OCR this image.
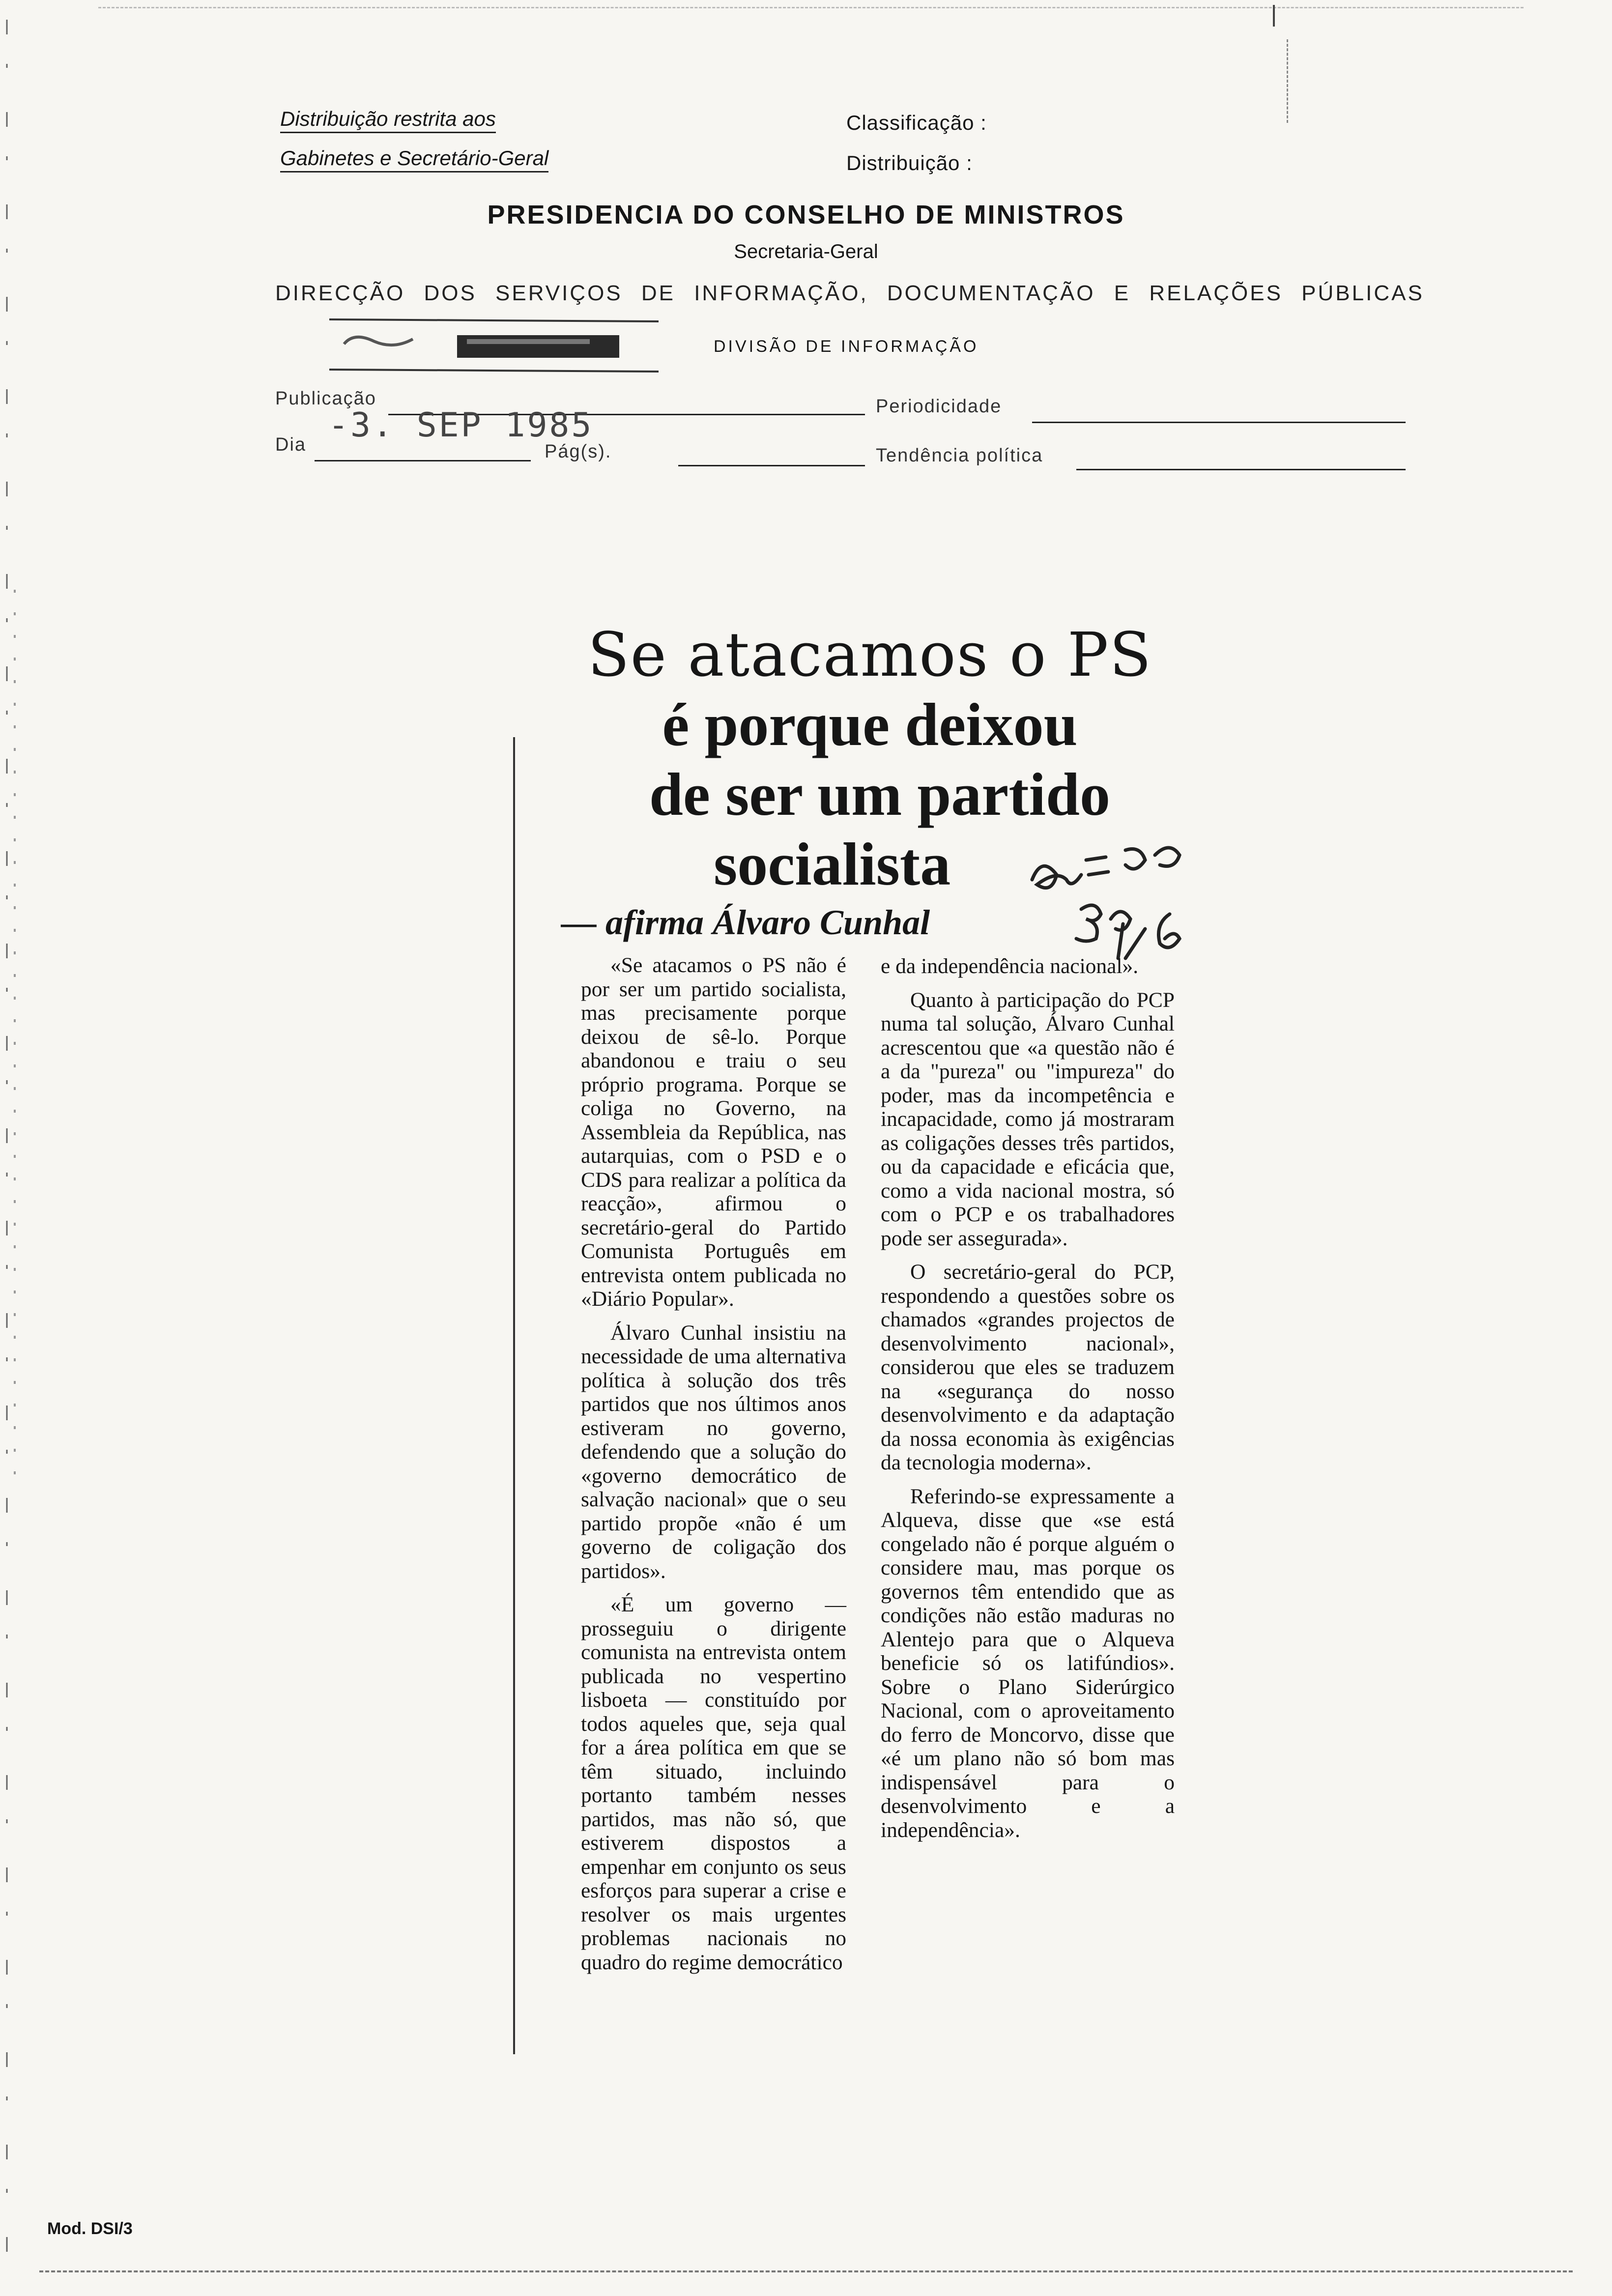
Distribuição restrita aos
Gabinetes e Secretário-Geral
Classificação :
Distribuição :
PRESIDENCIA DO CONSELHO DE MINISTROS
Secretaria-Geral
DIRECÇÃO DOS SERVIÇOS DE INFORMAÇÃO, DOCUMENTAÇÃO E RELAÇÕES PÚBLICAS
DIVISÃO DE INFORMAÇÃO
Publicação	Periodicidade
Dia -3. SEP 1985
Pág(s).	Tendência política
Se atacamos o PS
é porque deixou
de ser um partido
socialista
— afirma Álvaro Cunhal

«Se atacamos o PS não é por ser um partido socialista, mas precisamente porque deixou de sê-lo. Porque abandonou e traiu o seu próprio programa. Porque se coliga no Governo, na Assembleia da República, nas autarquias, com o PSD e o CDS para realizar a política da reacção», afirmou o secretário-geral do Partido Comunista Português em entrevista ontem publicada no «Diário Popular».

Álvaro Cunhal insistiu na necessidade de uma alternativa política à solução dos três partidos que nos últimos anos estiveram no governo, defendendo que a solução do «governo democrático de salvação nacional» que o seu partido propõe «não é um governo de coligação dos partidos».

«É um governo — prosseguiu o dirigente comunista na entrevista ontem publicada no vespertino lisboeta — constituído por todos aqueles que, seja qual for a área política em que se têm situado, incluindo portanto também nesses partidos, mas não só, que estiverem dispostos a empenhar em conjunto os seus esforços para superar a crise e resolver os mais urgentes problemas nacionais no quadro do regime democrático

e da independência nacional».

Quanto à participação do PCP numa tal solução, Álvaro Cunhal acrescentou que «a questão não é a da "pureza" ou "impureza" do poder, mas da incompetência e incapacidade, como já mostraram as coligações desses três partidos, ou da capacidade e eficácia que, como a vida nacional mostra, só com o PCP e os trabalhadores pode ser assegurada».

O secretário-geral do PCP, respondendo a questões sobre os chamados «grandes projectos de desenvolvimento nacional», considerou que eles se traduzem na «segurança do nosso desenvolvimento e da adaptação da nossa economia às exigências da tecnologia moderna».

Referindo-se expressamente a Alqueva, disse que «se está congelado não é porque alguém o considere mau, mas porque os governos têm entendido que as condições não estão maduras no Alentejo para que o Alqueva beneficie só os latifúndios». Sobre o Plano Siderúrgico Nacional, com o aproveitamento do ferro de Moncorvo, disse que «é um plano não só bom mas indispensável para o desenvolvimento e a independência».

Mod. DSI/3
